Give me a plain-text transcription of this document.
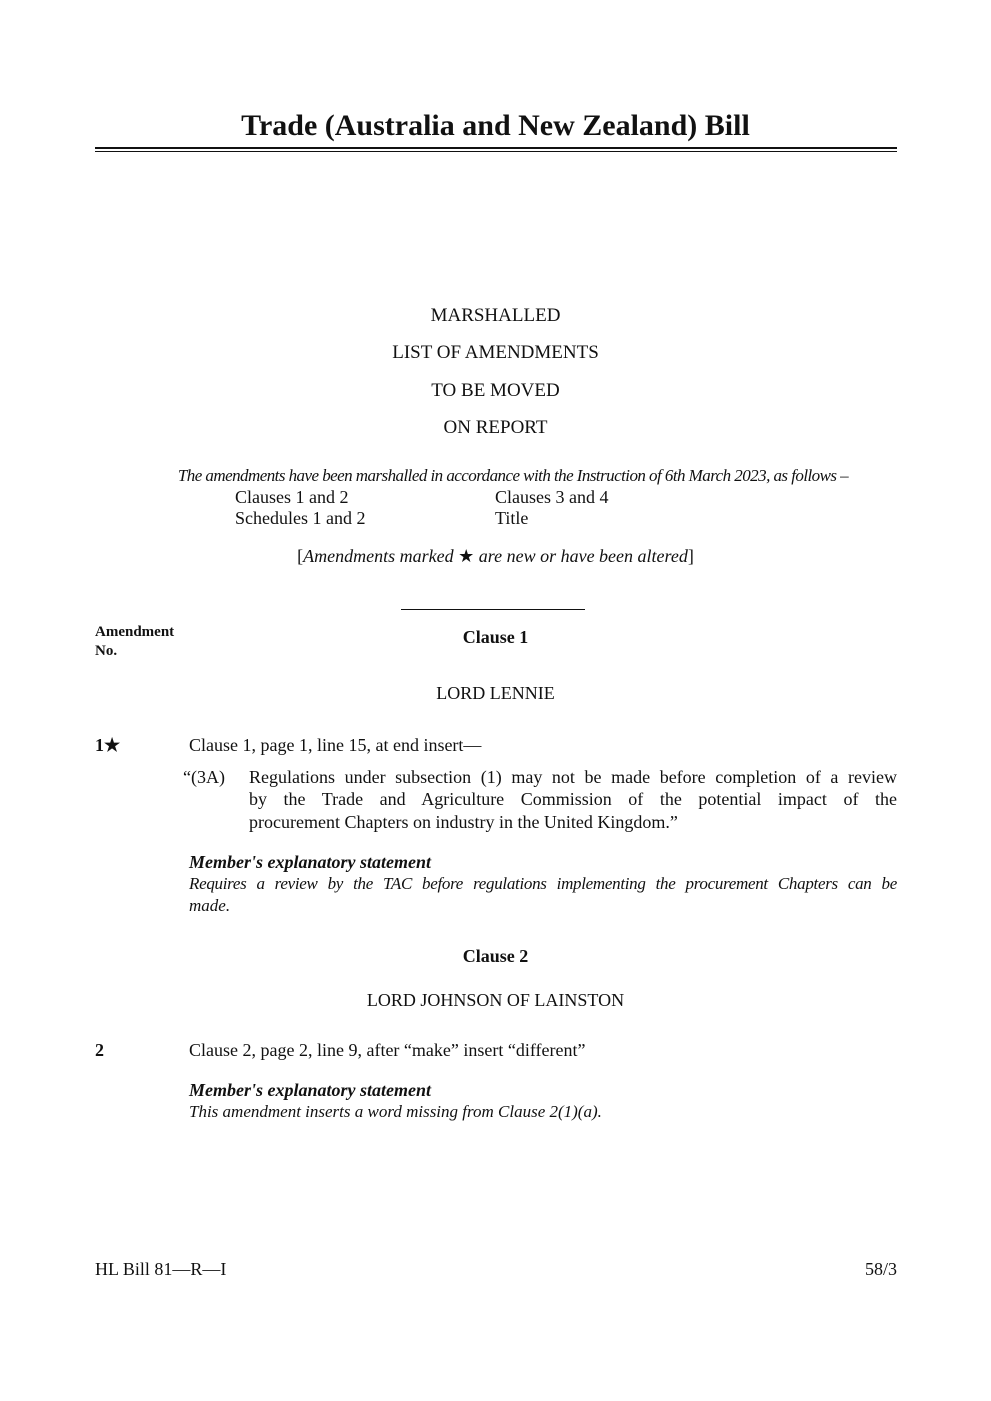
Trade (Australia and New Zealand) Bill
MARSHALLED
LIST OF AMENDMENTS
TO BE MOVED
ON REPORT
The amendments have been marshalled in accordance with the Instruction of 6th March 2023, as follows –
Clauses 1 and 2	Clauses 3 and 4
Schedules 1 and 2	Title
[Amendments marked ★ are new or have been altered]
Amendment
No.
Clause 1
LORD LENNIE
1★	Clause 1, page 1, line 15, at end insert—
“(3A) Regulations under subsection (1) may not be made before completion of a review
by the Trade and Agriculture Commission of the potential impact of the
procurement Chapters on industry in the United Kingdom.”
Member's explanatory statement
Requires a review by the TAC before regulations implementing the procurement Chapters can be
made.
Clause 2
LORD JOHNSON OF LAINSTON
2	Clause 2, page 2, line 9, after “make” insert “different”
Member's explanatory statement
This amendment inserts a word missing from Clause 2(1)(a).
HL Bill 81—R—I	58/3
